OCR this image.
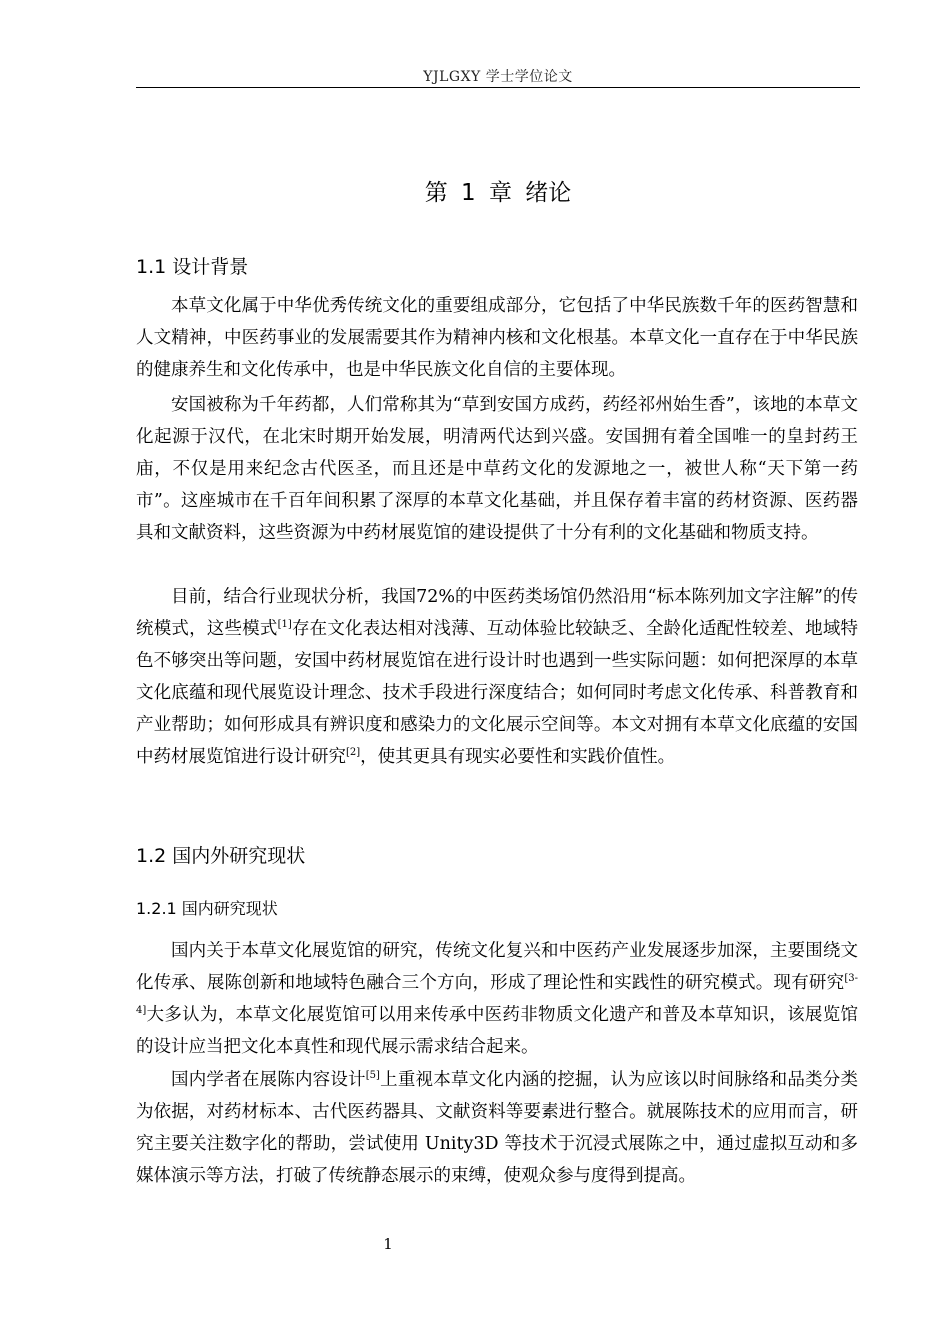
YJLGXY 学士学位论文
第 1 章 绪论
1.1 设计背景

本草文化属于中华优秀传统文化的重要组成部分，它包括了中华民族数千年的医药智慧和人文精神，中医药事业的发展需要其作为精神内核和文化根基。本草文化一直存在于中华民族的健康养生和文化传承中，也是中华民族文化自信的主要体现。

安国被称为千年药都，人们常称其为“草到安国方成药，药经祁州始生香”，该地的本草文化起源于汉代，在北宋时期开始发展，明清两代达到兴盛。安国拥有着全国唯一的皇封药王庙，不仅是用来纪念古代医圣，而且还是中草药文化的发源地之一，被世人称“天下第一药市”。这座城市在千百年间积累了深厚的本草文化基础，并且保存着丰富的药材资源、医药器具和文献资料，这些资源为中药材展览馆的建设提供了十分有利的文化基础和物质支持。

目前，结合行业现状分析，我国72%的中医药类场馆仍然沿用“标本陈列加文字注解”的传统模式，这些模式[1]存在文化表达相对浅薄、互动体验比较缺乏、全龄化适配性较差、地域特色不够突出等问题，安国中药材展览馆在进行设计时也遇到一些实际问题：如何把深厚的本草文化底蕴和现代展览设计理念、技术手段进行深度结合；如何同时考虑文化传承、科普教育和产业帮助；如何形成具有辨识度和感染力的文化展示空间等。本文对拥有本草文化底蕴的安国中药材展览馆进行设计研究[2]，使其更具有现实必要性和实践价值性。

1.2 国内外研究现状
1.2.1 国内研究现状

国内关于本草文化展览馆的研究，传统文化复兴和中医药产业发展逐步加深，主要围绕文化传承、展陈创新和地域特色融合三个方向，形成了理论性和实践性的研究模式。现有研究[3-4]大多认为，本草文化展览馆可以用来传承中医药非物质文化遗产和普及本草知识，该展览馆的设计应当把文化本真性和现代展示需求结合起来。

国内学者在展陈内容设计[5]上重视本草文化内涵的挖掘，认为应该以时间脉络和品类分类为依据，对药材标本、古代医药器具、文献资料等要素进行整合。就展陈技术的应用而言，研究主要关注数字化的帮助，尝试使用 Unity3D 等技术于沉浸式展陈之中，通过虚拟互动和多媒体演示等方法，打破了传统静态展示的束缚，使观众参与度得到提高。

1
